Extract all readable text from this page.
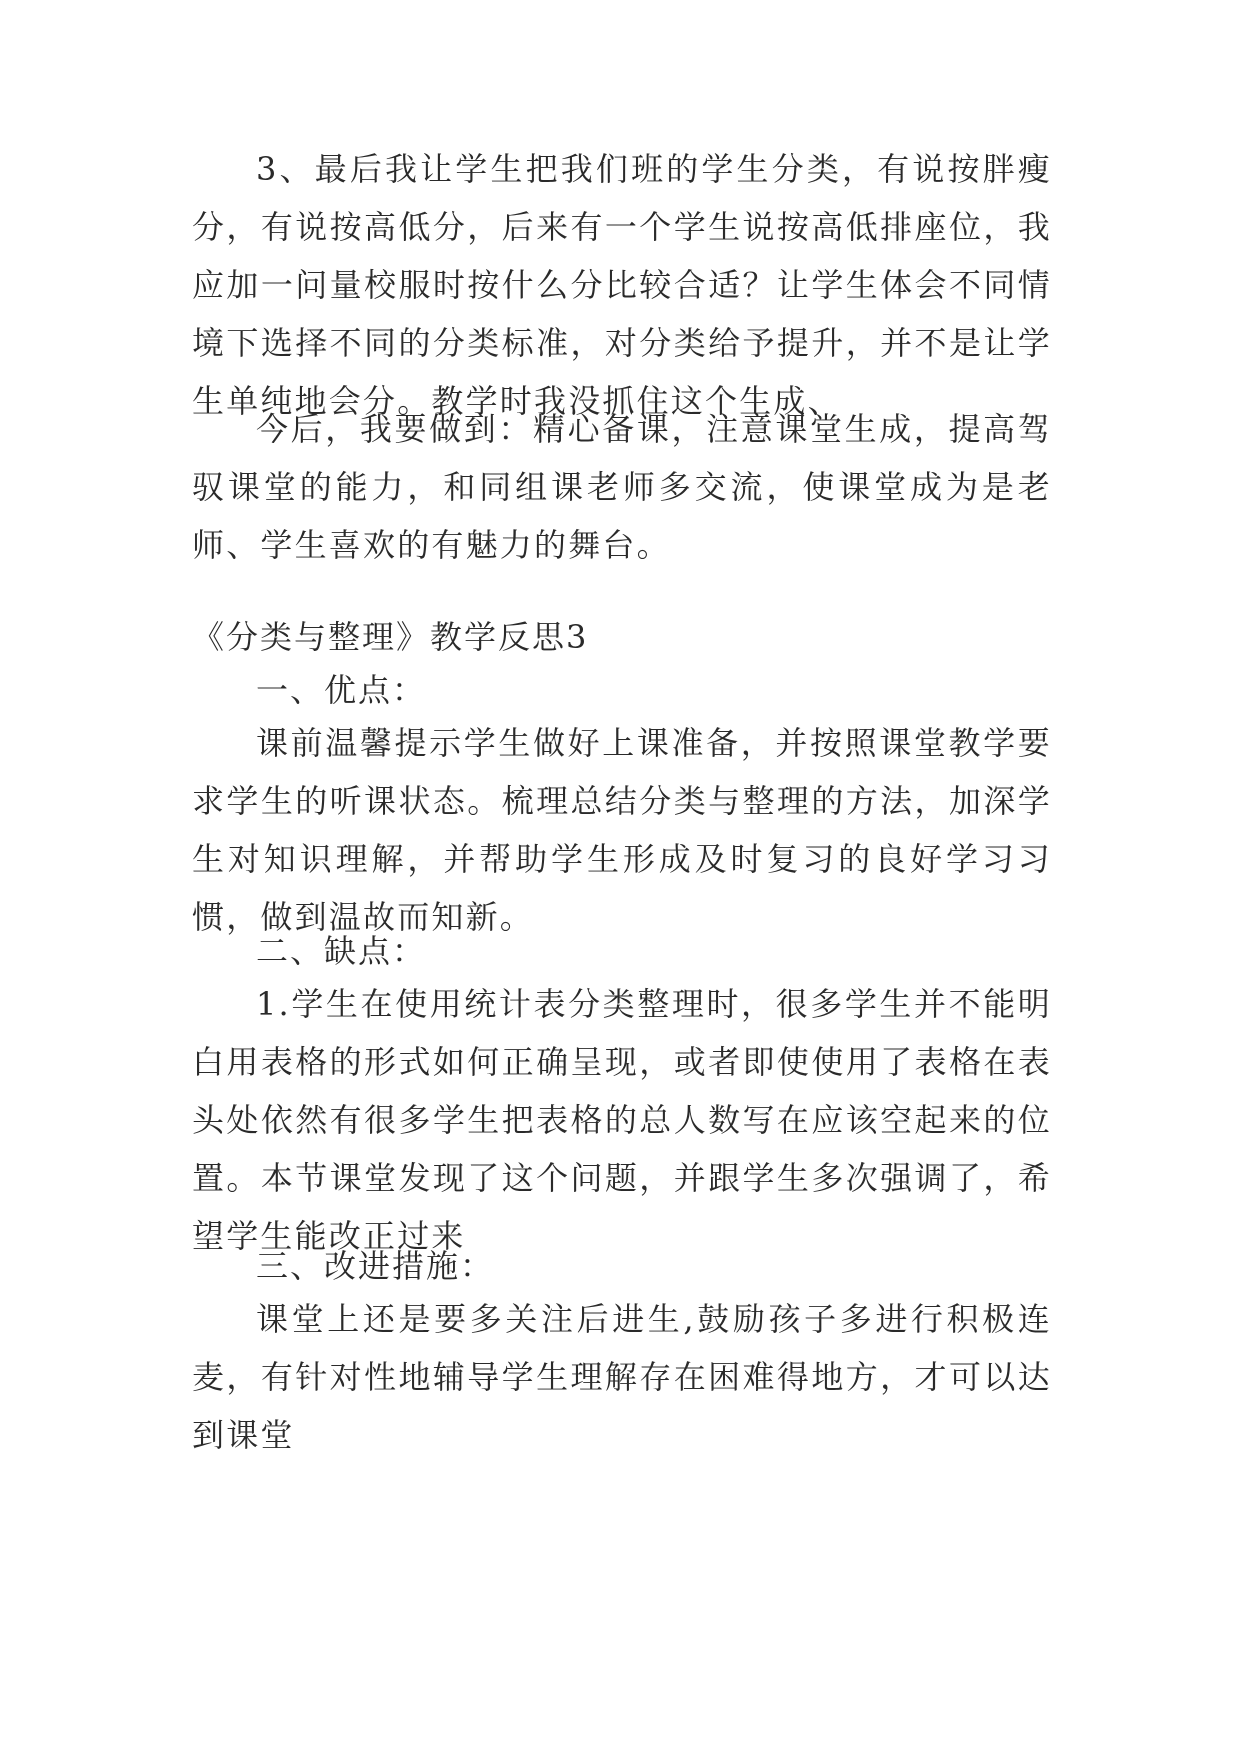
3、最后我让学生把我们班的学生分类，有说按胖瘦分，有说按高低分，后来有一个学生说按高低排座位，我应加一问量校服时按什么分比较合适？让学生体会不同情境下选择不同的分类标准，对分类给予提升，并不是让学生单纯地会分。教学时我没抓住这个生成、

今后，我要做到：精心备课，注意课堂生成，提高驾驭课堂的能力，和同组课老师多交流，使课堂成为是老师、学生喜欢的有魅力的舞台。

《分类与整理》教学反思3

一、优点：

课前温馨提示学生做好上课准备，并按照课堂教学要求学生的听课状态。梳理总结分类与整理的方法，加深学生对知识理解，并帮助学生形成及时复习的良好学习习惯，做到温故而知新。

二、缺点：

1.学生在使用统计表分类整理时，很多学生并不能明白用表格的形式如何正确呈现，或者即使使用了表格在表头处依然有很多学生把表格的总人数写在应该空起来的位置。本节课堂发现了这个问题，并跟学生多次强调了，希望学生能改正过来

三、改进措施：

课堂上还是要多关注后进生,鼓励孩子多进行积极连麦，有针对性地辅导学生理解存在困难得地方，才可以达到课堂
